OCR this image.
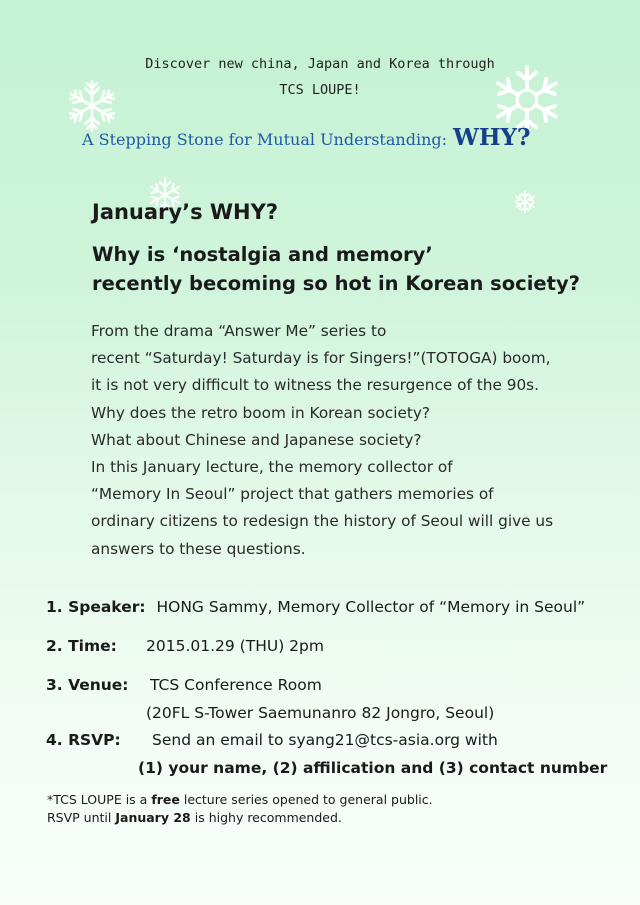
Discover new china, Japan and Korea through
TCS LOUPE!
A Stepping Stone for Mutual Understanding: WHY?
January’s WHY?
Why is ‘nostalgia and memory’
recently becoming so hot in Korean society?
From the drama “Answer Me” series to
recent “Saturday! Saturday is for Singers!”(TOTOGA) boom,
it is not very difficult to witness the resurgence of the 90s.
Why does the retro boom in Korean society?
What about Chinese and Japanese society?
In this January lecture, the memory collector of
“Memory In Seoul” project that gathers memories of
ordinary citizens to redesign the history of Seoul will give us
answers to these questions.
1. Speaker: HONG Sammy, Memory Collector of “Memory in Seoul”
2. Time: 2015.01.29 (THU) 2pm
3. Venue: TCS Conference Room
(20FL S-Tower Saemunanro 82 Jongro, Seoul)
4. RSVP: Send an email to syang21@tcs-asia.org with
(1) your name, (2) affilication and (3) contact number
*TCS LOUPE is a free lecture series opened to general public.
RSVP until January 28 is highy recommended.
